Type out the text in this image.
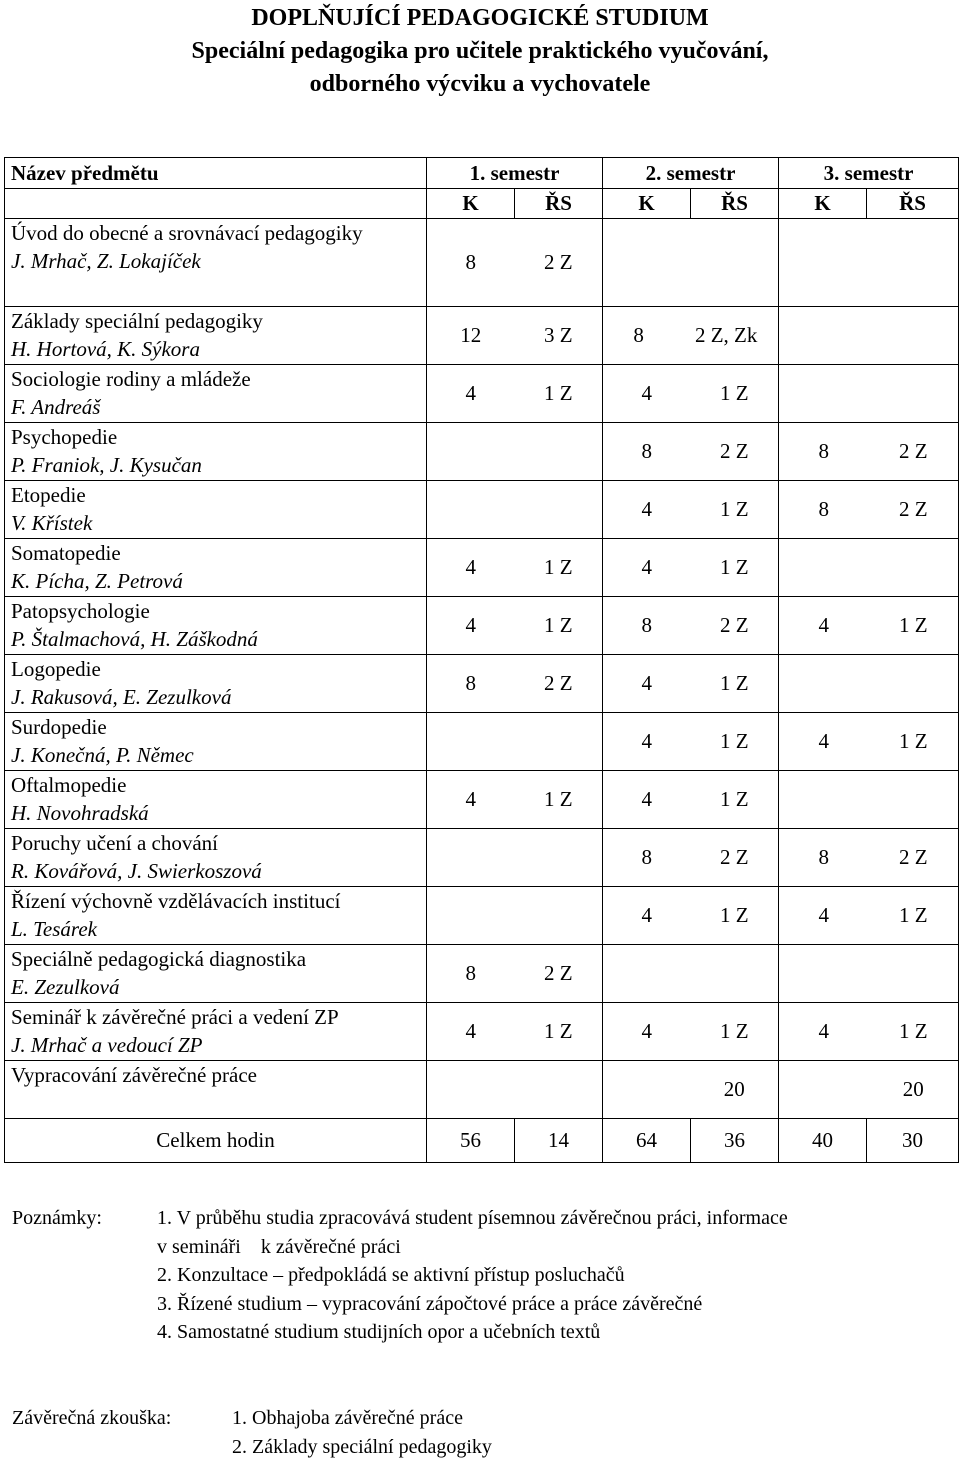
DOPLŇUJÍCÍ PEDAGOGICKÉ STUDIUM
Speciální pedagogika pro učitele praktického vyučování,
odborného výcviku a vychovatele
Název předmětu	1. semestr		2. semestr		3. semestr	
	K	ŘS	K	ŘS	K	ŘS

Úvod do obecné a srovnávací pedagogiky
J. Mrhač, Z. Lokajíček	8 2 Z					

Základy speciální pedagogiky
H. Hortová, K. Sýkora	12 3 Z		8 2 Z, Zk			

Sociologie rodiny a mládeže
F. Andreáš	4 1 Z		4 1 Z			

Psychopedie
P. Franiok, J. Kysučan			8 2 Z		8 2 Z	

Etopedie
V. Křístek			4 1 Z		8 2 Z	

Somatopedie
K. Pícha, Z. Petrová	4 1 Z		4 1 Z			

Patopsychologie
P. Štalmachová, H. Záškodná	4 1 Z		8 2 Z		4 1 Z	

Logopedie
J. Rakusová, E. Zezulková	8 2 Z		4 1 Z			

Surdopedie
J. Konečná, P. Němec			4 1 Z		4 1 Z	

Oftalmopedie
H. Novohradská	4 1 Z		4 1 Z			

Poruchy učení a chování
R. Kovářová, J. Swierkoszová			8 2 Z		8 2 Z	

Řízení výchovně vzdělávacích institucí
L. Tesárek			4 1 Z		4 1 Z	

Speciálně pedagogická diagnostika
E. Zezulková	8 2 Z					

Seminář k závěrečné práci a vedení ZP
J. Mrhač a vedoucí ZP	4 1 Z		4 1 Z		4 1 Z	

Vypracování závěrečné práce			20		20	

Celkem hodin	56	14	64	36	40	30
Poznámky:	1. V průběhu studia zpracovává student písemnou závěrečnou práci, informace
v semináři    k závěrečné práci
2. Konzultace – předpokládá se aktivní přístup posluchačů
3. Řízené studium – vypracování zápočtové práce a práce závěrečné
4. Samostatné studium studijních opor a učebních textů
Závěrečná zkouška:	1. Obhajoba závěrečné práce
2. Základy speciální pedagogiky
